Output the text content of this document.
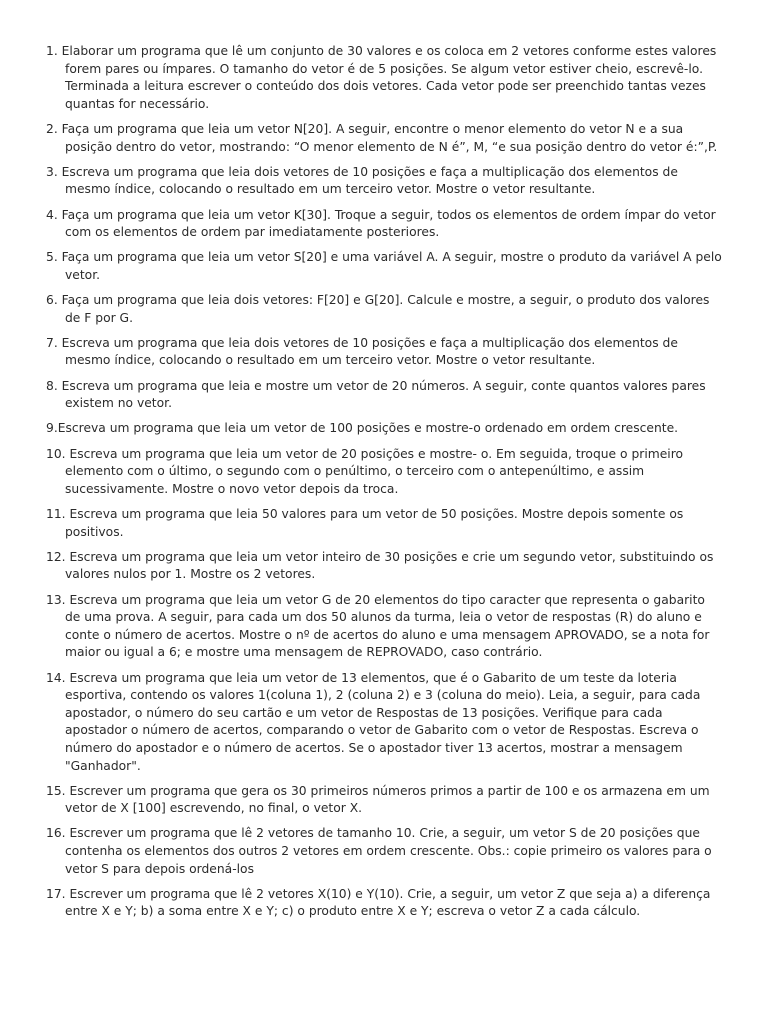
1. Elaborar um programa que lê um conjunto de 30 valores e os coloca em 2 vetores conforme estes valores forem pares ou ímpares. O tamanho do vetor é de 5 posições. Se algum vetor estiver cheio, escrevê-lo. Terminada a leitura escrever o conteúdo dos dois vetores. Cada vetor pode ser preenchido tantas vezes quantas for necessário.

2. Faça um programa que leia um vetor N[20]. A seguir, encontre o menor elemento do vetor N e a sua posição dentro do vetor, mostrando: “O menor elemento de N é”, M, “e sua posição dentro do vetor é:”,P.

3. Escreva um programa que leia dois vetores de 10 posições e faça a multiplicação dos elementos de mesmo índice, colocando o resultado em um terceiro vetor. Mostre o vetor resultante.

4. Faça um programa que leia um vetor K[30]. Troque a seguir, todos os elementos de ordem ímpar do vetor com os elementos de ordem par imediatamente posteriores.

5. Faça um programa que leia um vetor S[20] e uma variável A. A seguir, mostre o produto da variável A pelo vetor.

6. Faça um programa que leia dois vetores: F[20] e G[20]. Calcule e mostre, a seguir, o produto dos valores de F por G.

7. Escreva um programa que leia dois vetores de 10 posições e faça a multiplicação dos elementos de mesmo índice, colocando o resultado em um terceiro vetor. Mostre o vetor resultante.

8. Escreva um programa que leia e mostre um vetor de 20 números. A seguir, conte quantos valores pares existem no vetor.

9.Escreva um programa que leia um vetor de 100 posições e mostre-o ordenado em ordem crescente.

10. Escreva um programa que leia um vetor de 20 posições e mostre- o. Em seguida, troque o primeiro elemento com o último, o segundo com o penúltimo, o terceiro com o antepenúltimo, e assim sucessivamente. Mostre o novo vetor depois da troca.

11. Escreva um programa que leia 50 valores para um vetor de 50 posições. Mostre depois somente os positivos.

12. Escreva um programa que leia um vetor inteiro de 30 posições e crie um segundo vetor, substituindo os valores nulos por 1. Mostre os 2 vetores.

13. Escreva um programa que leia um vetor G de 20 elementos do tipo caracter que representa o gabarito de uma prova. A seguir, para cada um dos 50 alunos da turma, leia o vetor de respostas (R) do aluno e conte o número de acertos. Mostre o nº de acertos do aluno e uma mensagem APROVADO, se a nota for maior ou igual a 6; e mostre uma mensagem de REPROVADO, caso contrário.

14. Escreva um programa que leia um vetor de 13 elementos, que é o Gabarito de um teste da loteria esportiva, contendo os valores 1(coluna 1), 2 (coluna 2) e 3 (coluna do meio). Leia, a seguir, para cada apostador, o número do seu cartão e um vetor de Respostas de 13 posições. Verifique para cada apostador o número de acertos, comparando o vetor de Gabarito com o vetor de Respostas. Escreva o número do apostador e o número de acertos. Se o apostador tiver 13 acertos, mostrar a mensagem "Ganhador".

15. Escrever um programa que gera os 30 primeiros números primos a partir de 100 e os armazena em um vetor de X [100] escrevendo, no final, o vetor X.

16. Escrever um programa que lê 2 vetores de tamanho 10. Crie, a seguir, um vetor S de 20 posições que contenha os elementos dos outros 2 vetores em ordem crescente. Obs.: copie primeiro os valores para o vetor S para depois ordená-los

17. Escrever um programa que lê 2 vetores X(10) e Y(10). Crie, a seguir, um vetor Z que seja a) a diferença entre X e Y; b) a soma entre X e Y; c) o produto entre X e Y; escreva o vetor Z a cada cálculo.
